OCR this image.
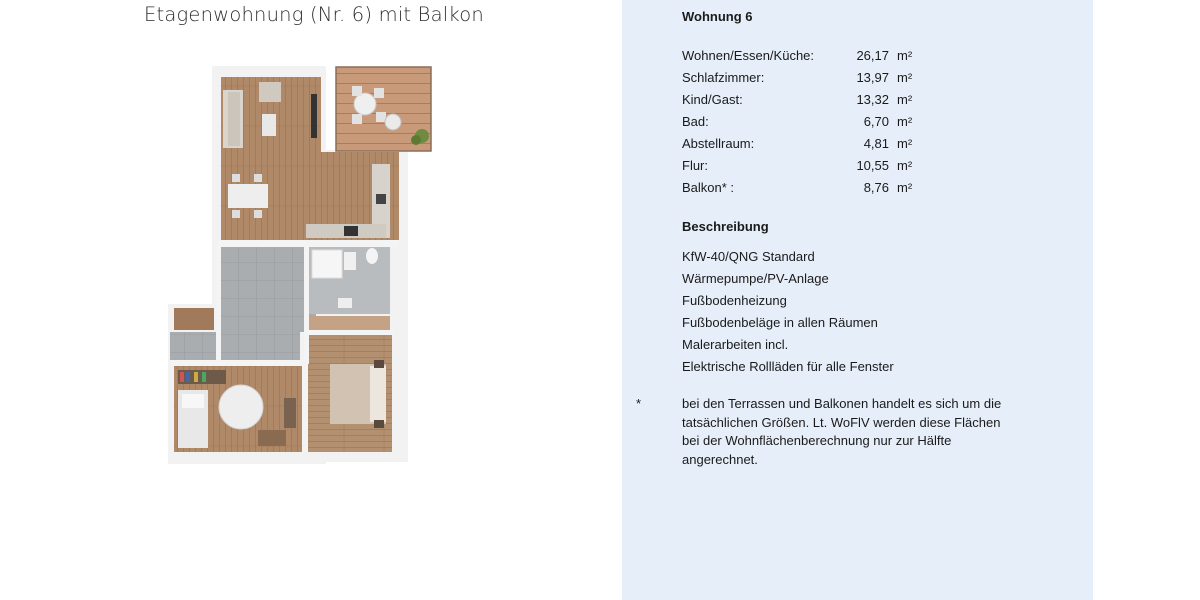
Etagenwohnung (Nr. 6) mit Balkon	Wohnung 6
Wohnen/Essen/Küche:	26,17 m²
Schlafzimmer:	13,97 m²
Kind/Gast:	13,32 m²
Bad:	6,70 m²
Abstellraum:	4,81 m²
Flur:	10,55 m²
Balkon* :	8,76 m²
Beschreibung
KfW-40/QNG Standard
Wärmepumpe/PV-Anlage
Fußbodenheizung
Fußbodenbeläge in allen Räumen
Malerarbeiten incl.
Elektrische Rollläden für alle Fenster
*	bei den Terrassen und Balkonen handelt es sich um die tatsächlichen Größen. Lt. WoFlV werden diese Flächen bei der Wohnflächenberechnung nur zur Hälfte angerechnet.
